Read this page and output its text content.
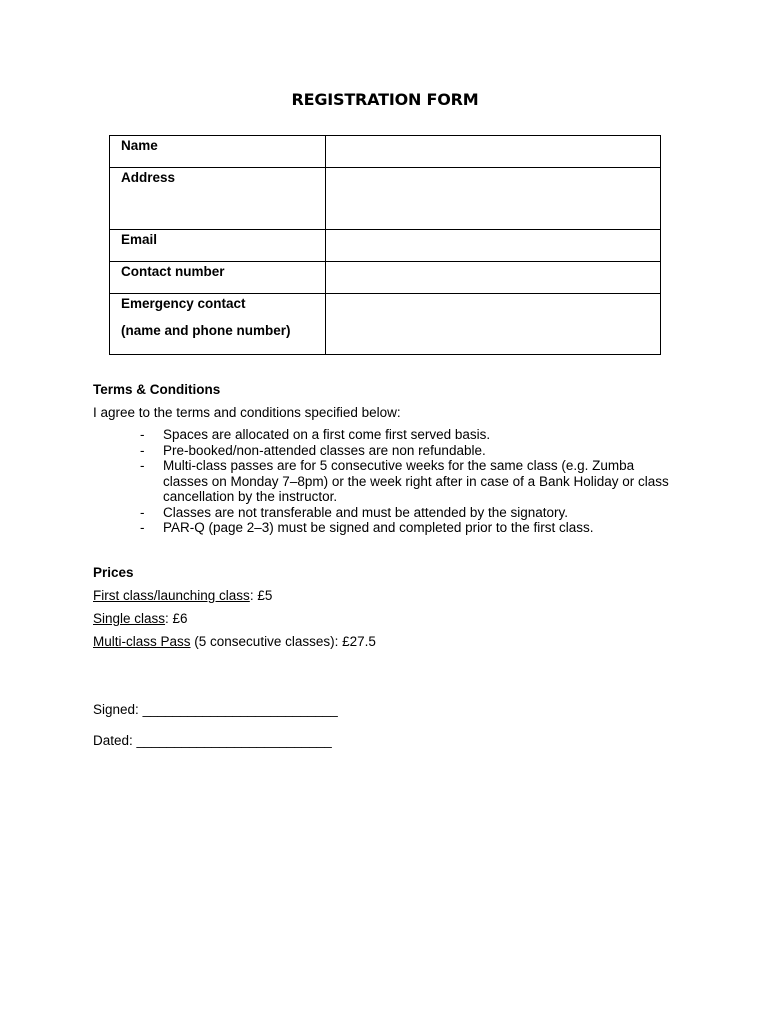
REGISTRATION FORM
Name	
Address	
Email	
Contact number	
Emergency contact
(name and phone number)	

Terms & Conditions
I agree to the terms and conditions specified below:
- Spaces are allocated on a first come first served basis.
- Pre-booked/non-attended classes are non refundable.
- Multi-class passes are for 5 consecutive weeks for the same class (e.g. Zumba classes on Monday 7–8pm) or the week right after in case of a Bank Holiday or class cancellation by the instructor.
- Classes are not transferable and must be attended by the signatory.
- PAR-Q (page 2–3) must be signed and completed prior to the first class.
Prices
First class/launching class: £5
Single class: £6
Multi-class Pass (5 consecutive classes): £27.5
Signed: __________________________
Dated: __________________________
